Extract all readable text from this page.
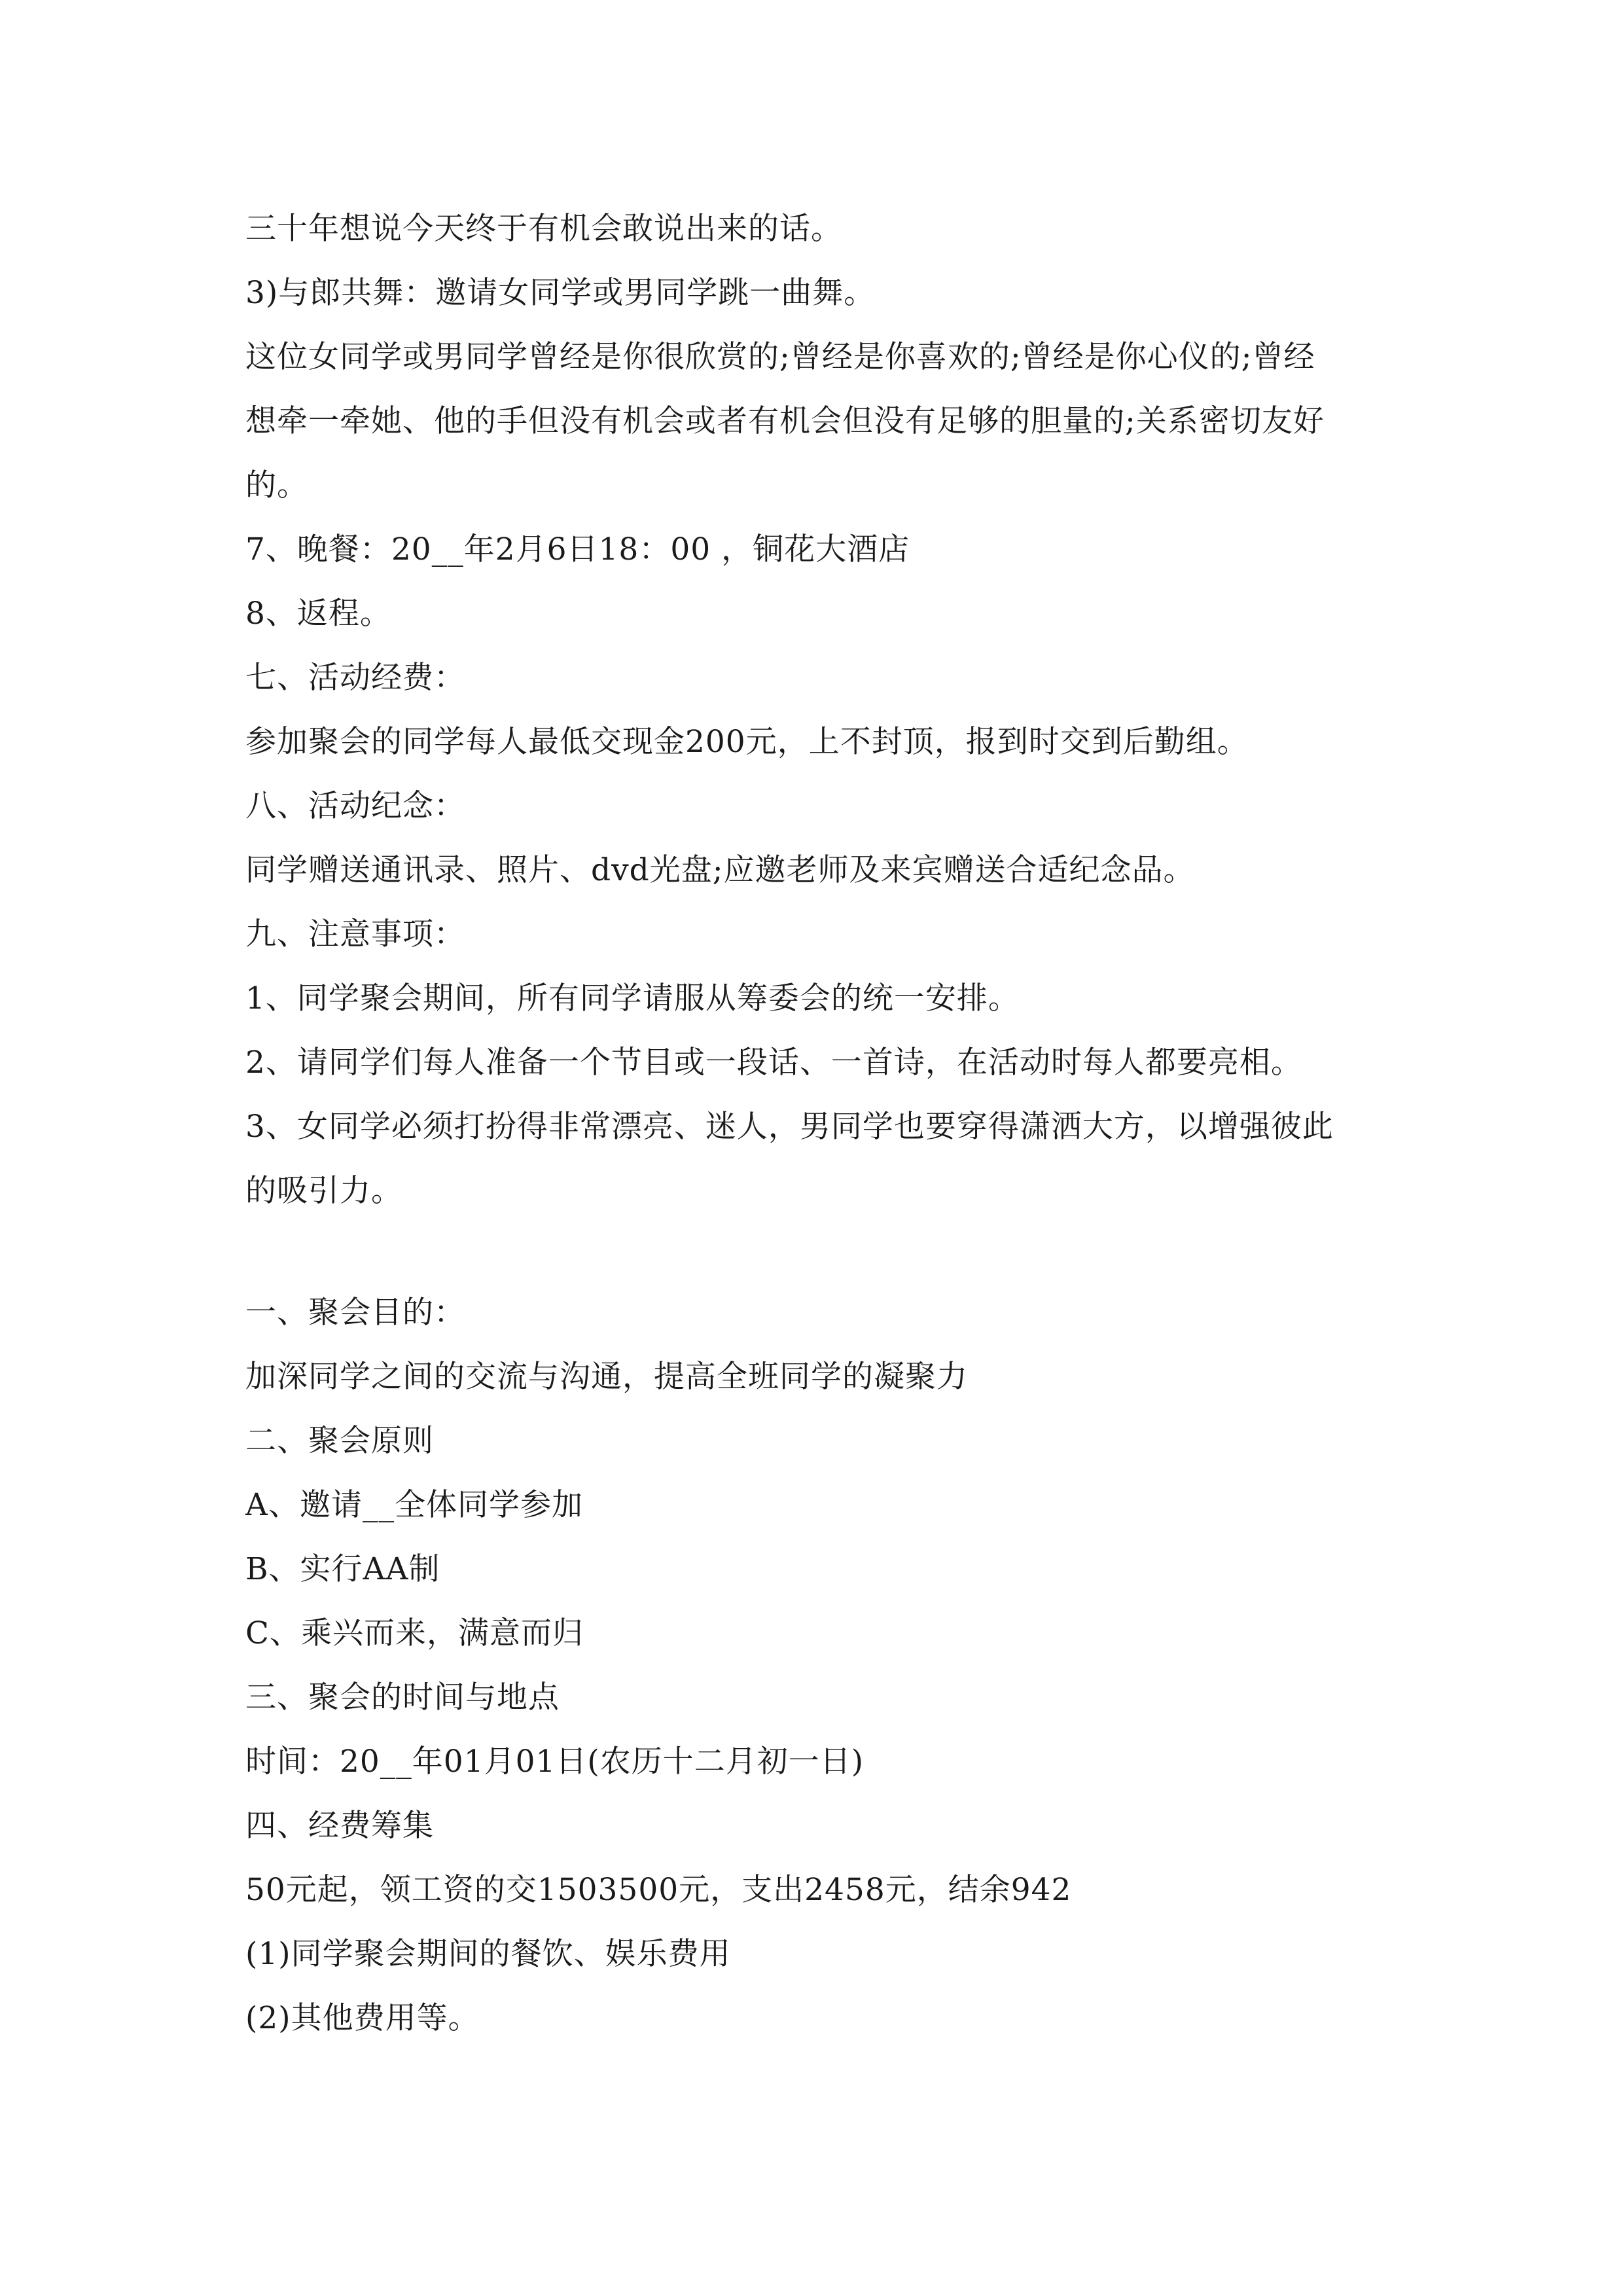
三十年想说今天终于有机会敢说出来的话。
3)与郎共舞：邀请女同学或男同学跳一曲舞。
这位女同学或男同学曾经是你很欣赏的;曾经是你喜欢的;曾经是你心仪的;曾经
想牵一牵她、他的手但没有机会或者有机会但没有足够的胆量的;关系密切友好
的。
7、晚餐：20__年2月6日18：00 ，铜花大酒店
8、返程。
七、活动经费：
参加聚会的同学每人最低交现金200元，上不封顶，报到时交到后勤组。
八、活动纪念：
同学赠送通讯录、照片、dvd光盘;应邀老师及来宾赠送合适纪念品。
九、注意事项：
1、同学聚会期间，所有同学请服从筹委会的统一安排。
2、请同学们每人准备一个节目或一段话、一首诗，在活动时每人都要亮相。
3、女同学必须打扮得非常漂亮、迷人，男同学也要穿得潇洒大方，以增强彼此
的吸引力。
一、聚会目的：
加深同学之间的交流与沟通，提高全班同学的凝聚力
二、聚会原则
A、邀请__全体同学参加
B、实行AA制
C、乘兴而来，满意而归
三、聚会的时间与地点
时间：20__年01月01日(农历十二月初一日)
四、经费筹集
50元起，领工资的交1503500元，支出2458元，结余942
(1)同学聚会期间的餐饮、娱乐费用
(2)其他费用等。
